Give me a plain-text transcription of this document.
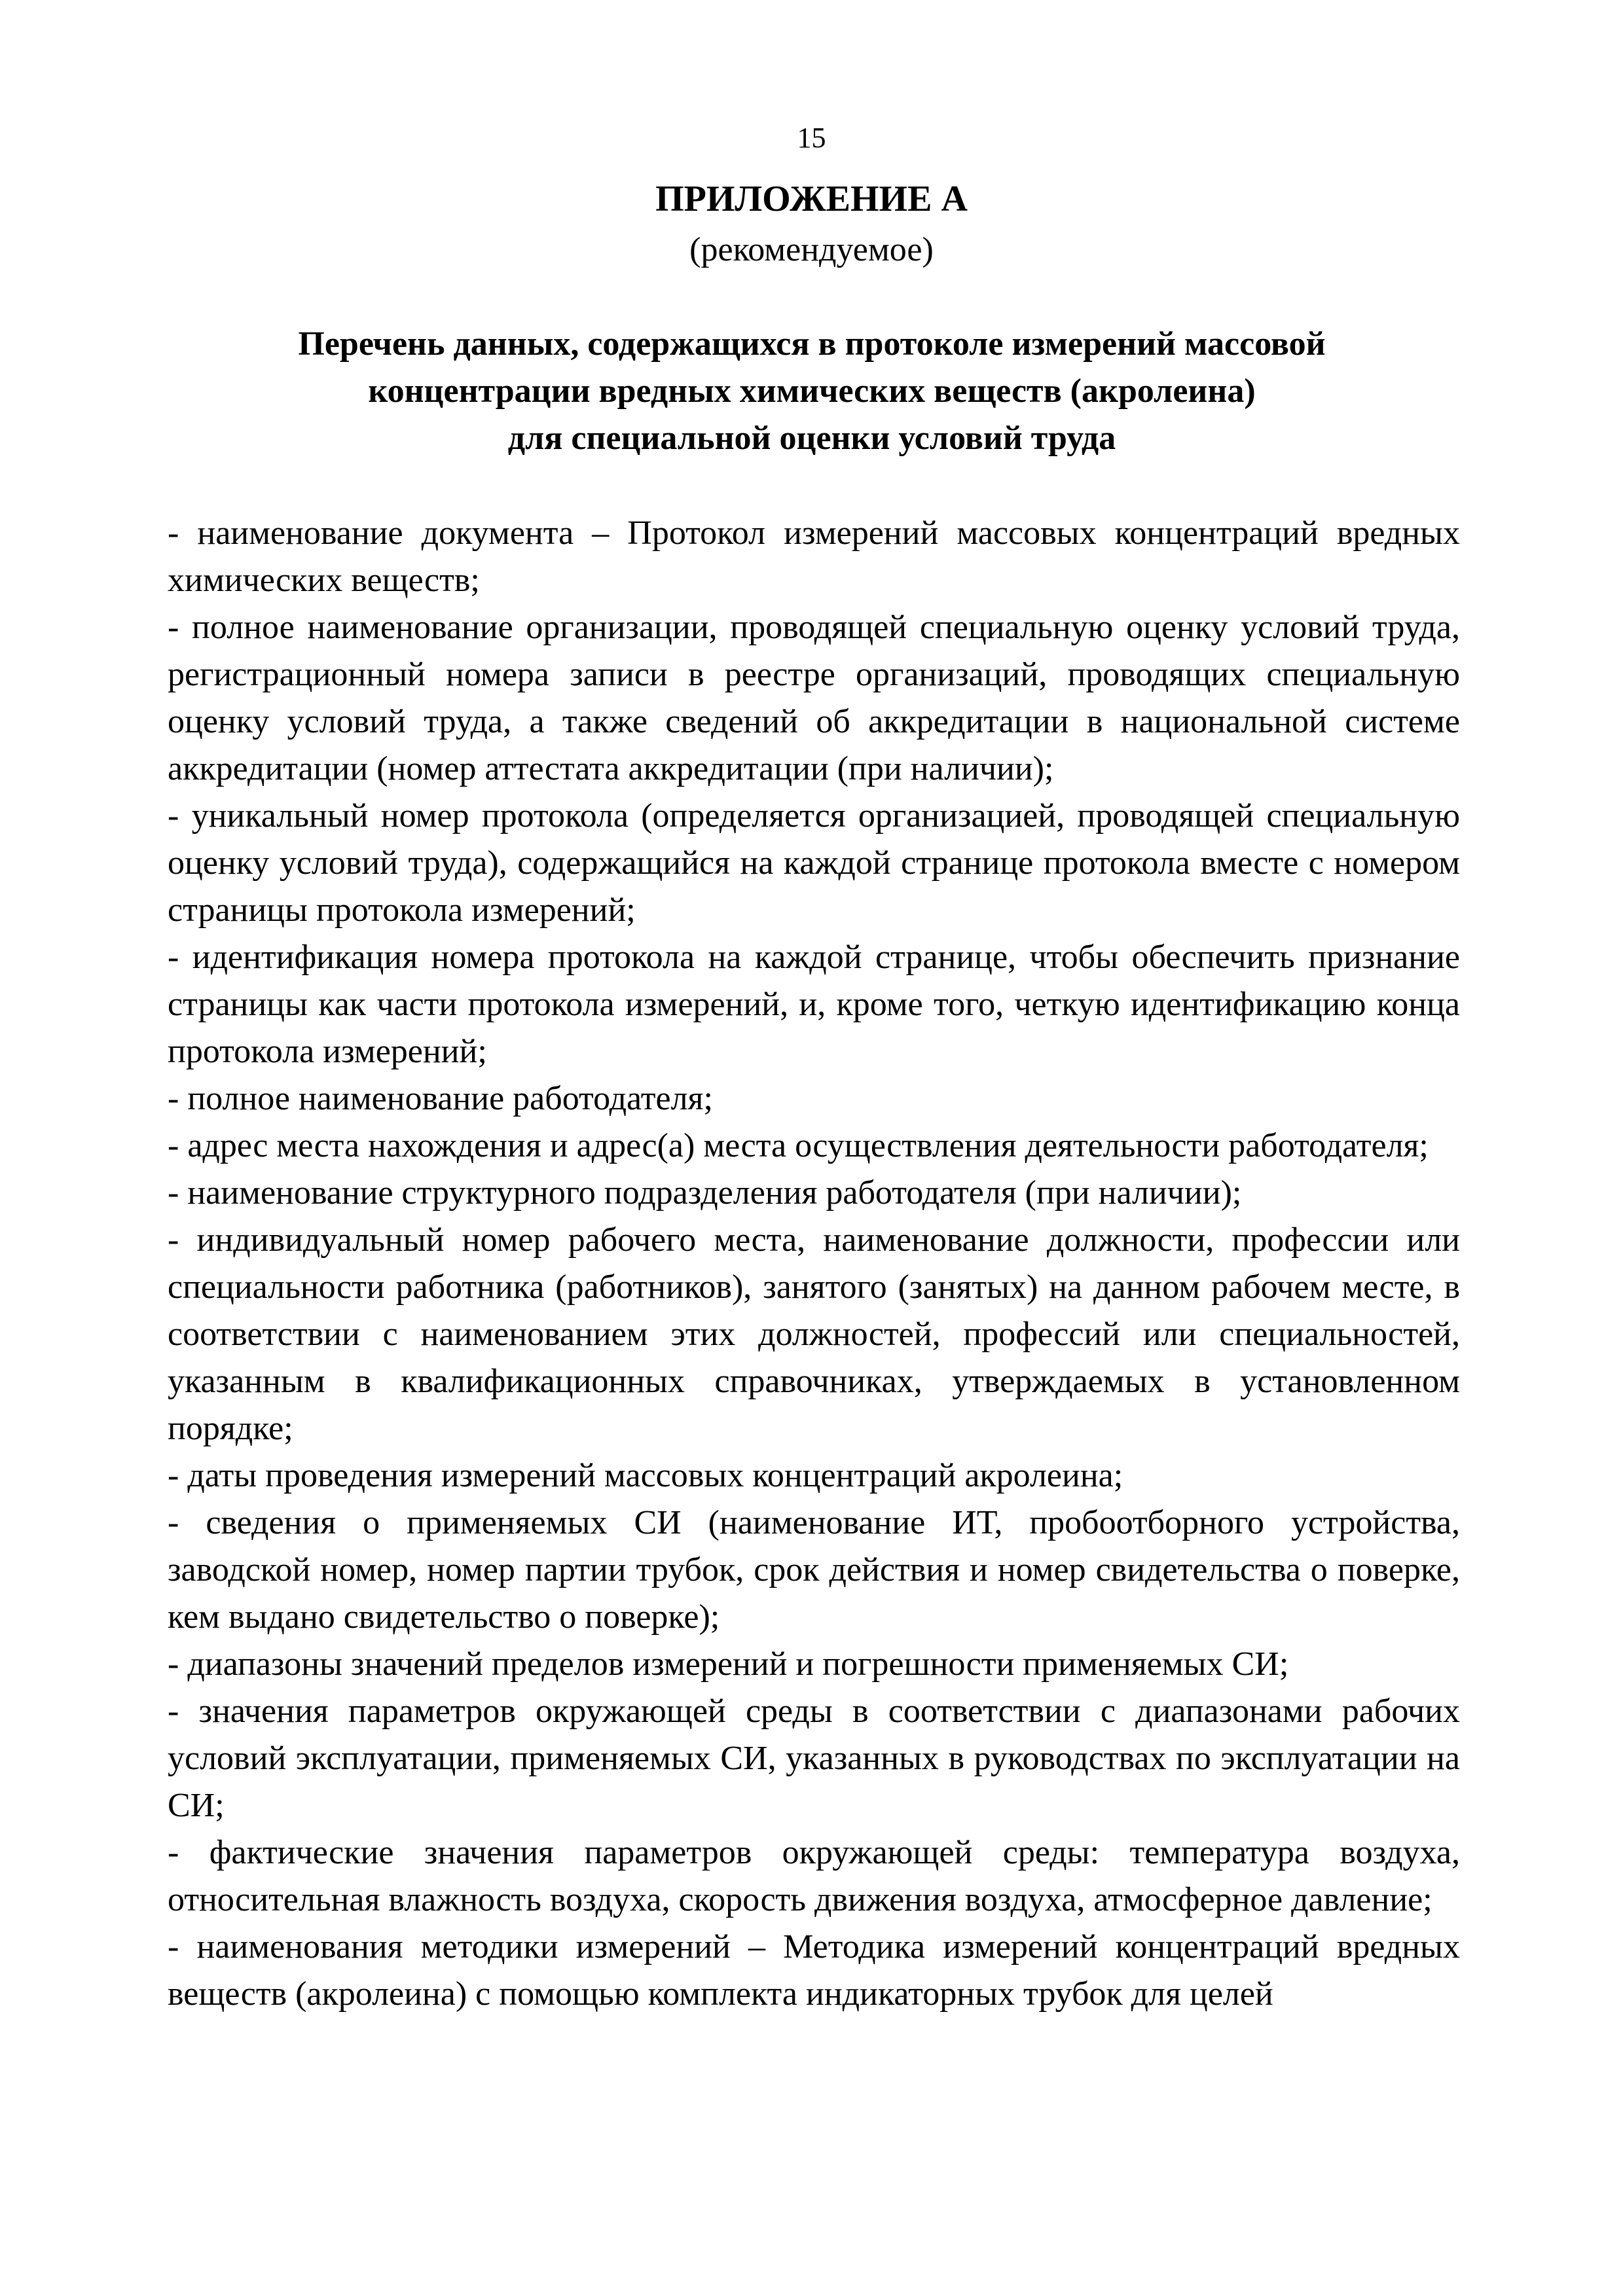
15
ПРИЛОЖЕНИЕ А
(рекомендуемое)
Перечень данных, содержащихся в протоколе измерений массовой
концентрации вредных химических веществ (акролеина)
для специальной оценки условий труда

- наименование документа – Протокол измерений массовых концентраций вредных химических веществ;

- полное наименование организации, проводящей специальную оценку условий труда, регистрационный номера записи в реестре организаций, проводящих специальную оценку условий труда, а также сведений об аккредитации в национальной системе аккредитации (номер аттестата аккредитации (при наличии);

- уникальный номер протокола (определяется организацией, проводящей специальную оценку условий труда), содержащийся на каждой странице протокола вместе с номером страницы протокола измерений;

- идентификация номера протокола на каждой странице, чтобы обеспечить признание страницы как части протокола измерений, и, кроме того, четкую идентификацию конца протокола измерений;

- полное наименование работодателя;

- адрес места нахождения и адрес(а) места осуществления деятельности работодателя;

- наименование структурного подразделения работодателя (при наличии);

- индивидуальный номер рабочего места, наименование должности, профессии или специальности работника (работников), занятого (занятых) на данном рабочем месте, в соответствии с наименованием этих должностей, профессий или специальностей, указанным в квалификационных справочниках, утверждаемых в установленном порядке;

- даты проведения измерений массовых концентраций акролеина;

- сведения о применяемых СИ (наименование ИТ, пробоотборного устройства, заводской номер, номер партии трубок, срок действия и номер свидетельства о поверке, кем выдано свидетельство о поверке);

- диапазоны значений пределов измерений и погрешности применяемых СИ;

- значения параметров окружающей среды в соответствии с диапазонами рабочих условий эксплуатации, применяемых СИ, указанных в руководствах по эксплуатации на СИ;

- фактические значения параметров окружающей среды: температура воздуха, относительная влажность воздуха, скорость движения воздуха, атмосферное давление;

- наименования методики измерений – Методика измерений концентраций вредных веществ (акролеина) с помощью комплекта индикаторных трубок для целей
